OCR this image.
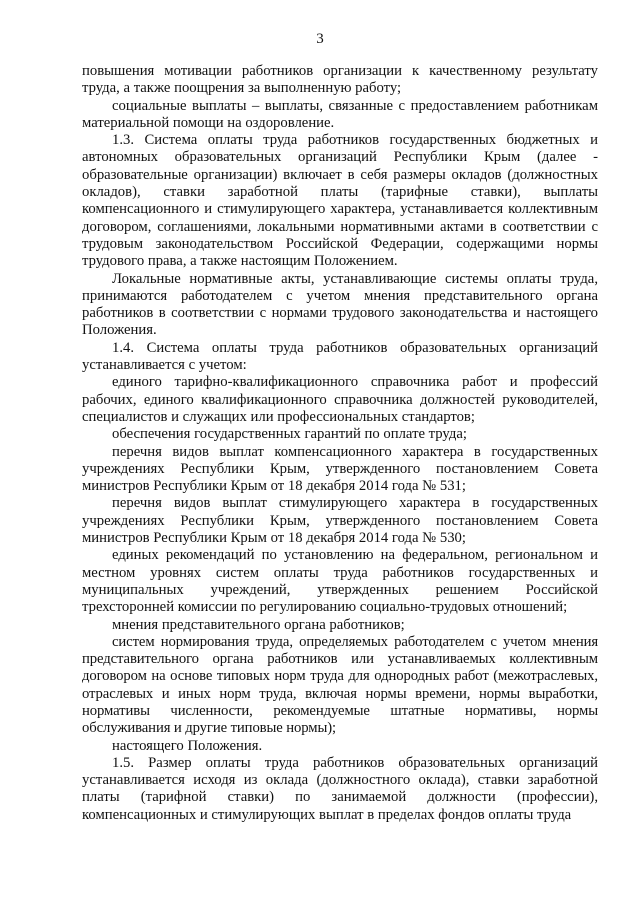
3

повышения мотивации работников организации к качественному результату труда, а также поощрения за выполненную работу;

социальные выплаты – выплаты, связанные с предоставлением работникам материальной помощи на оздоровление.

1.3. Система оплаты труда работников государственных бюджетных и автономных образовательных организаций Республики Крым (далее - образовательные организации) включает в себя размеры окладов (должностных окладов), ставки заработной платы (тарифные ставки), выплаты компенсационного и стимулирующего характера, устанавливается коллективным договором, соглашениями, локальными нормативными актами в соответствии с трудовым законодательством Российской Федерации, содержащими нормы трудового права, а также настоящим Положением.

Локальные нормативные акты, устанавливающие системы оплаты труда, принимаются работодателем с учетом мнения представительного органа работников в соответствии с нормами трудового законодательства и настоящего Положения.

1.4. Система оплаты труда работников образовательных организаций устанавливается с учетом:

единого тарифно-квалификационного справочника работ и профессий рабочих, единого квалификационного справочника должностей руководителей, специалистов и служащих или профессиональных стандартов;

обеспечения государственных гарантий по оплате труда;

перечня видов выплат компенсационного характера в государственных учреждениях Республики Крым, утвержденного постановлением Совета министров Республики Крым от 18 декабря 2014 года № 531;

перечня видов выплат стимулирующего характера в государственных учреждениях Республики Крым, утвержденного постановлением Совета министров Республики Крым от 18 декабря 2014 года № 530;

единых рекомендаций по установлению на федеральном, региональном и местном уровнях систем оплаты труда работников государственных и муниципальных учреждений, утвержденных решением Российской трехсторонней комиссии по регулированию социально-трудовых отношений;

мнения представительного органа работников;

систем нормирования труда, определяемых работодателем с учетом мнения представительного органа работников или устанавливаемых коллективным договором на основе типовых норм труда для однородных работ (межотраслевых, отраслевых и иных норм труда, включая нормы времени, нормы выработки, нормативы численности, рекомендуемые штатные нормативы, нормы обслуживания и другие типовые нормы);

настоящего Положения.

1.5. Размер оплаты труда работников образовательных организаций устанавливается исходя из оклада (должностного оклада), ставки заработной платы (тарифной ставки) по занимаемой должности (профессии), компенсационных и стимулирующих выплат в пределах фондов оплаты труда
